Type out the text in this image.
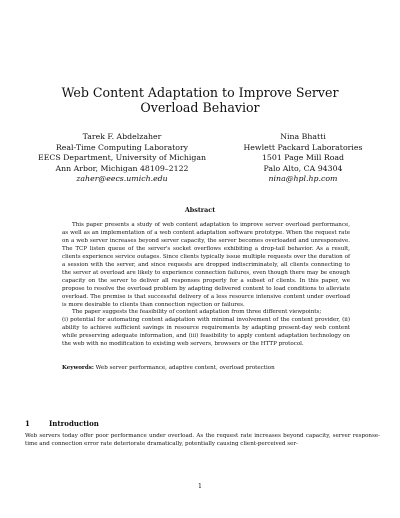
Web Content Adaptation to Improve Server Overload Behavior
Tarek F. Abdelzaher
Real-Time Computing Laboratory
EECS Department, University of Michigan
Ann Arbor, Michigan 48109–2122
zaher@eecs.umich.edu
Nina Bhatti
Hewlett Packard Laboratories
1501 Page Mill Road
Palo Alto, CA 94304
nina@hpl.hp.com
Abstract

This paper presents a study of web content adaptation to improve server overload performance, as well as an implementation of a web content adaptation software prototype. When the request rate on a web server increases beyond server capacity, the server becomes overloaded and unresponsive. The TCP listen queue of the server's socket overflows exhibiting a drop-tail behavior. As a result, clients experience service outages. Since clients typically issue multiple requests over the duration of a session with the server, and since requests are dropped indiscriminately, all clients connecting to the server at overload are likely to experience connection failures, even though there may be enough capacity on the server to deliver all responses properly for a subset of clients. In this paper, we propose to resolve the overload problem by adapting delivered content to load conditions to alleviate overload. The premise is that successful delivery of a less resource intensive content under overload is more desirable to clients than connection rejection or failures.

The paper suggests the feasibility of content adaptation from three different viewpoints;

(i) potential for automating content adaptation with minimal involvement of the content provider, (ii) ability to achieve sufficient savings in resource requirements by adapting present-day web content while preserving adequate information, and (iii) feasibility to apply content adaptation technology on the web with no modification to existing web servers, browsers or the HTTP protocol.

Keywords: Web server performance, adaptive content, overload protection
1	Introduction
Web servers today offer poor performance under overload. As the request rate increases beyond capacity, server response-time and connection error rate deteriorate dramatically, potentially causing client-perceived ser-
1
